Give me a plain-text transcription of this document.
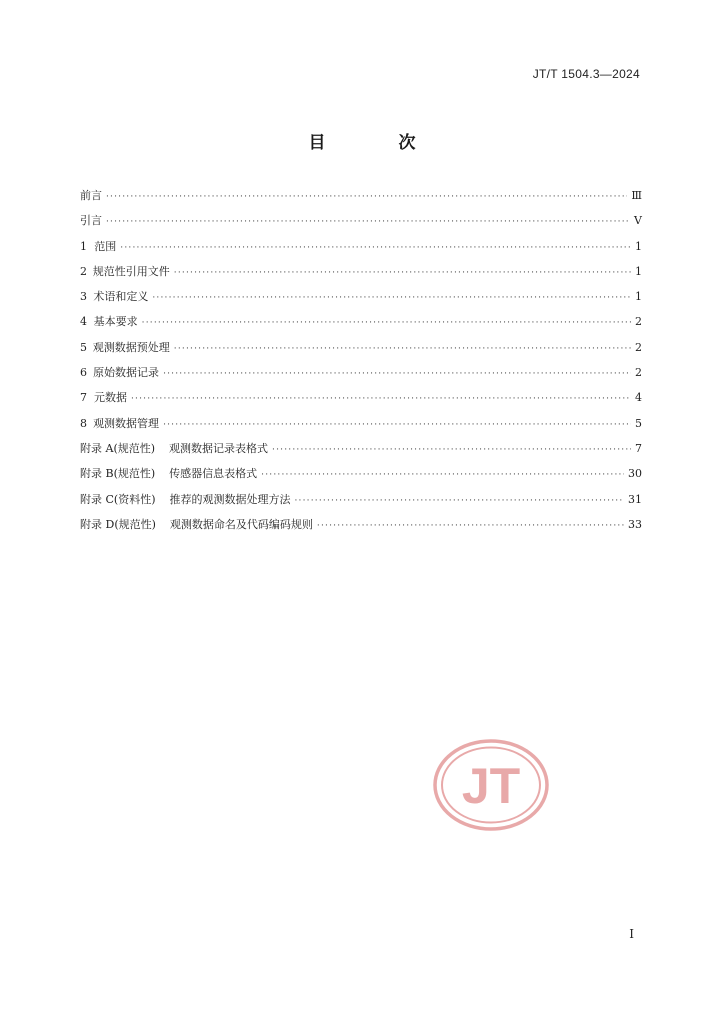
JT/T 1504.3—2024
目　次
前言 ·····	Ⅲ
引言 ·····	Ⅴ
1 范围 ·····	1
2 规范性引用文件 ·····	1
3 术语和定义 ·····	1
4 基本要求 ·····	2
5 观测数据预处理 ·····	2
6 原始数据记录 ·····	2
7 元数据 ·····	4
8 观测数据管理 ·····	5
附录 A(规范性) 观测数据记录表格式 ·····	7
附录 B(规范性) 传感器信息表格式 ·····	30
附录 C(资料性) 推荐的观测数据处理方法 ·····	31
附录 D(规范性) 观测数据命名及代码编码规则 ·····	33
JT
I
